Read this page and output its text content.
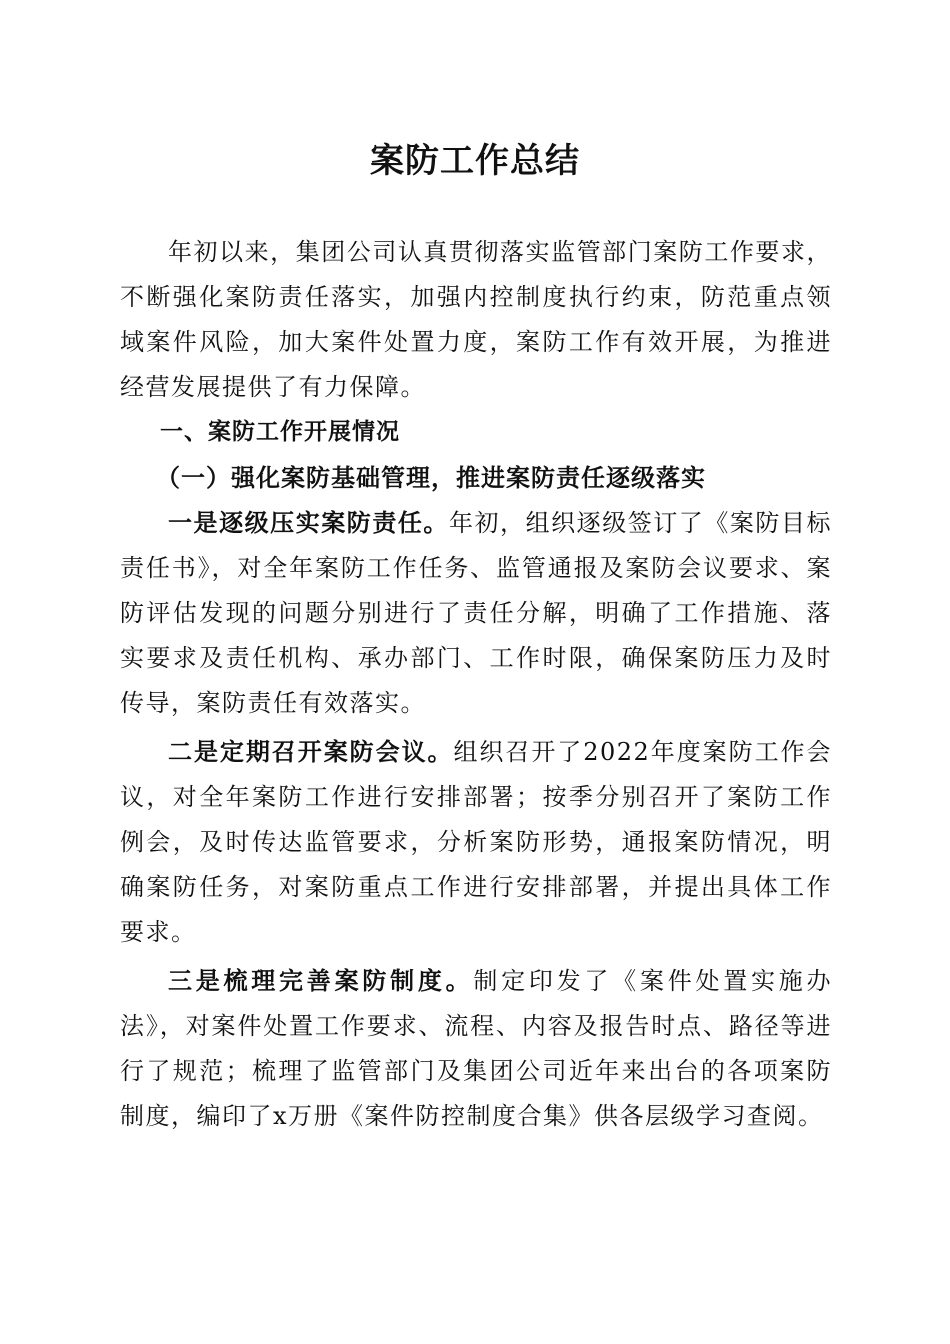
案防工作总结

年初以来，集团公司认真贯彻落实监管部门案防工作要求，不断强化案防责任落实，加强内控制度执行约束，防范重点领域案件风险，加大案件处置力度，案防工作有效开展，为推进经营发展提供了有力保障。

一、案防工作开展情况

（一）强化案防基础管理，推进案防责任逐级落实

一是逐级压实案防责任。年初，组织逐级签订了《案防目标责任书》，对全年案防工作任务、监管通报及案防会议要求、案防评估发现的问题分别进行了责任分解，明确了工作措施、落实要求及责任机构、承办部门、工作时限，确保案防压力及时传导，案防责任有效落实。

二是定期召开案防会议。组织召开了2022年度案防工作会议，对全年案防工作进行安排部署；按季分别召开了案防工作例会，及时传达监管要求，分析案防形势，通报案防情况，明确案防任务，对案防重点工作进行安排部署，并提出具体工作要求。

三是梳理完善案防制度。制定印发了《案件处置实施办法》，对案件处置工作要求、流程、内容及报告时点、路径等进行了规范；梳理了监管部门及集团公司近年来出台的各项案防制度，编印了x万册《案件防控制度合集》供各层级学习查阅。
